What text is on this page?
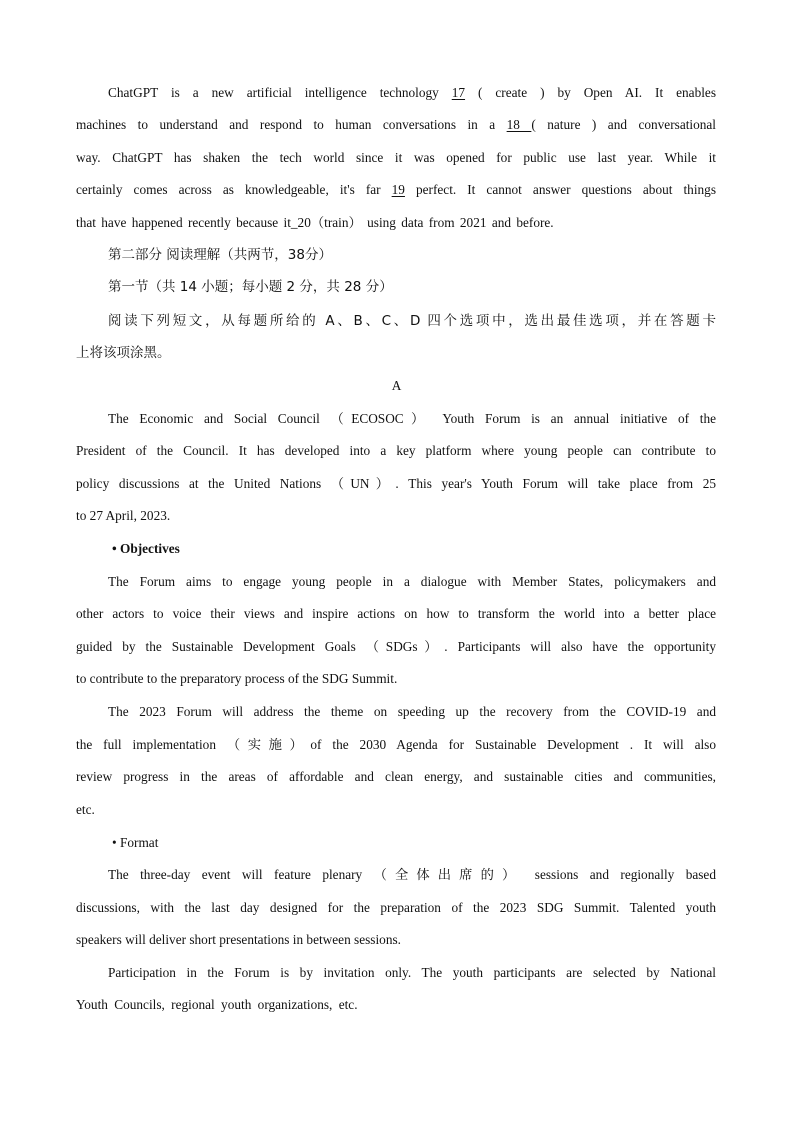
ChatGPT is a new artificial intelligence technology 17 ( create ) by Open AI. It enables
machines to understand and respond to human conversations in a 18 ( nature ) and conversational
way. ChatGPT has shaken the tech world since it was opened for public use last year. While it
certainly comes across as knowledgeable, it's far 19 perfect. It cannot answer questions about things
that have happened recently because it_20（train） using data from 2021 and before.
第二部分 阅读理解（共两节，38分）
第一节（共 14 小题；每小题 2 分，共 28 分）
阅读下列短文，从每题所给的 A、B、C、D 四个选项中，选出最佳选项，并在答题卡
上将该项涂黑。
A
The Economic and Social Council （ECOSOC） Youth Forum is an annual initiative of the
President of the Council. It has developed into a key platform where young people can contribute to
policy discussions at the United Nations （UN）. This year's Youth Forum will take place from 25
to 27 April, 2023.
• Objectives
The Forum aims to engage young people in a dialogue with Member States, policymakers and
other actors to voice their views and inspire actions on how to transform the world into a better place
guided by the Sustainable Development Goals （SDGs）. Participants will also have the opportunity
to contribute to the preparatory process of the SDG Summit.
The 2023 Forum will address the theme on speeding up the recovery from the COVID-19 and
the full implementation （实施）of the 2030 Agenda for Sustainable Development . It will also
review progress in the areas of affordable and clean energy, and sustainable cities and communities,
etc.
• Format
The three-day event will feature plenary （全体出席的） sessions and regionally based
discussions, with the last day designed for the preparation of the 2023 SDG Summit. Talented youth
speakers will deliver short presentations in between sessions.
Participation in the Forum is by invitation only. The youth participants are selected by National
Youth Councils, regional youth organizations, etc.
